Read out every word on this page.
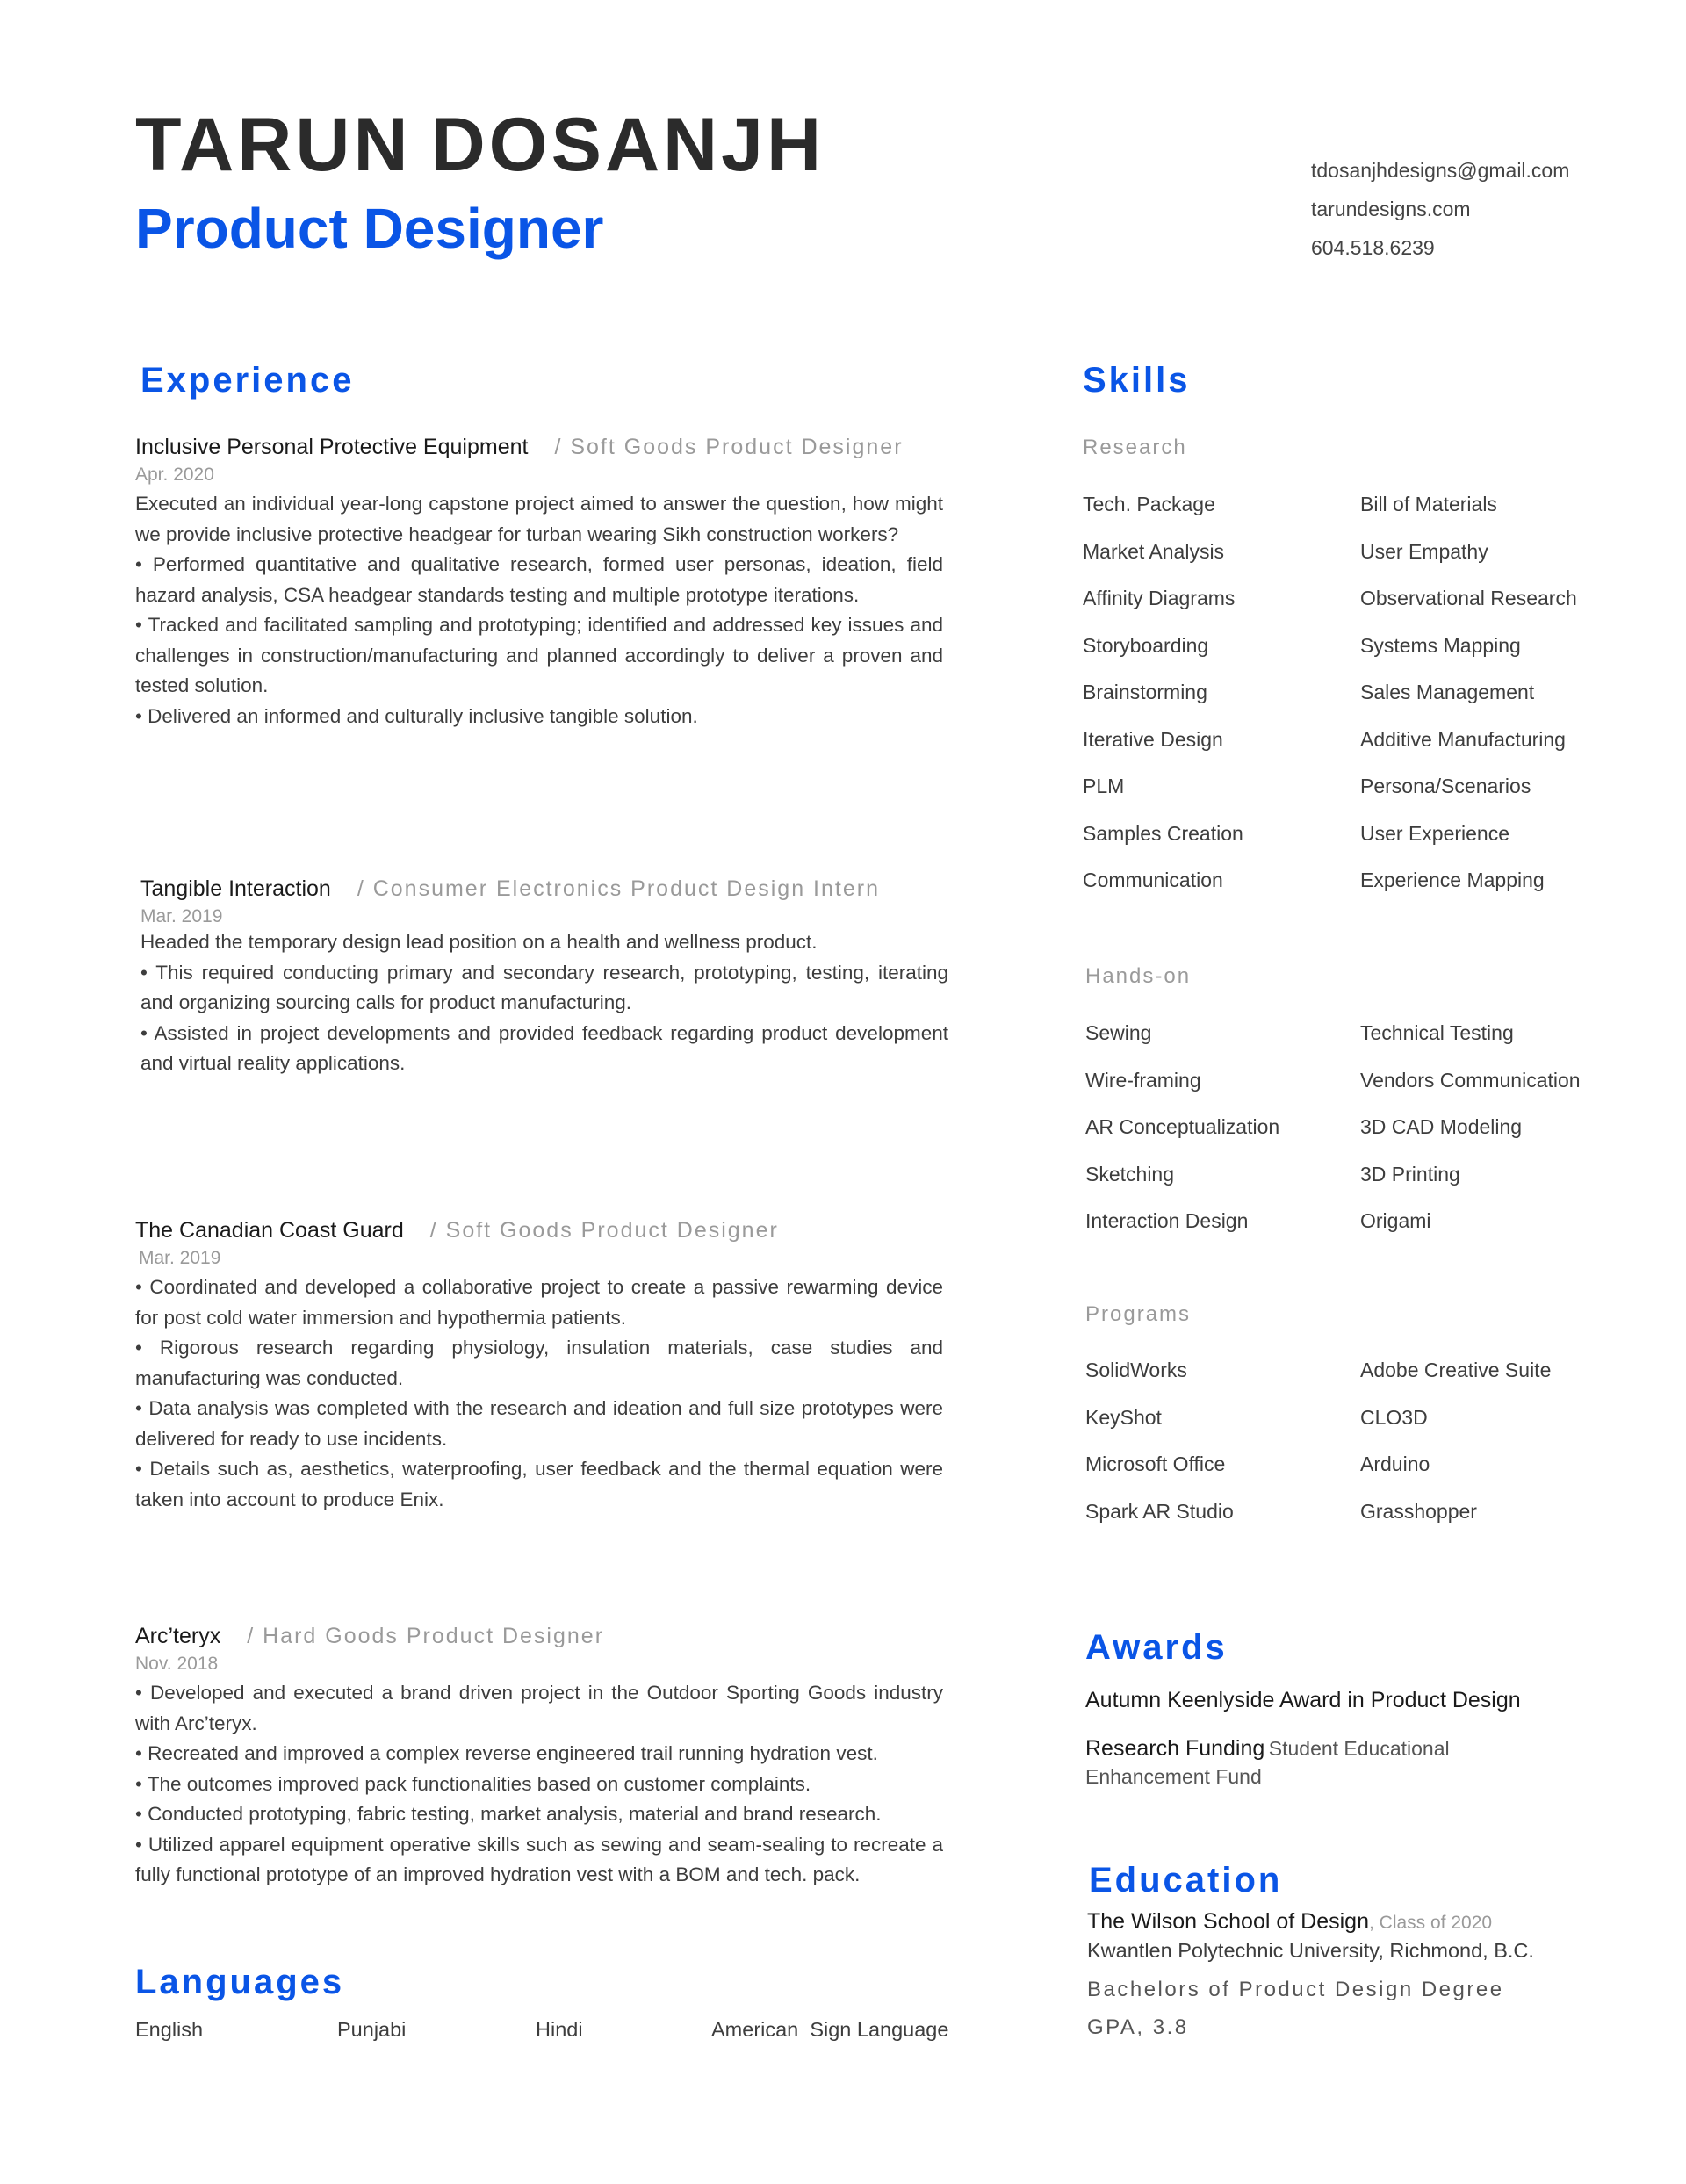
TARUN DOSANJH
Product Designer
tdosanjhdesigns@gmail.com
tarundesigns.com
604.518.6239
Experience
Inclusive Personal Protective Equipment / Soft Goods Product Designer
Apr. 2020
Executed an individual year-long capstone project aimed to answer the question, how might we provide inclusive protective headgear for turban wearing Sikh construction workers?
• Performed quantitative and qualitative research, formed user personas, ideation, field hazard analysis, CSA headgear standards testing and multiple prototype iterations.
• Tracked and facilitated sampling and prototyping; identified and addressed key issues and challenges in construction/manufacturing and planned accordingly to deliver a proven and tested solution.
• Delivered an informed and culturally inclusive tangible solution.
Tangible Interaction / Consumer Electronics Product Design Intern
Mar. 2019
Headed the temporary design lead position on a health and wellness product.
• This required conducting primary and secondary research, prototyping, testing, iterating and organizing sourcing calls for product manufacturing.
• Assisted in project developments and provided feedback regarding product development and virtual reality applications.
The Canadian Coast Guard / Soft Goods Product Designer
Mar. 2019
• Coordinated and developed a collaborative project to create a passive rewarming device for post cold water immersion and hypothermia patients.
• Rigorous research regarding physiology, insulation materials, case studies and manufacturing was conducted.
• Data analysis was completed with the research and ideation and full size prototypes were delivered for ready to use incidents.
• Details such as, aesthetics, waterproofing, user feedback and the thermal equation were taken into account to produce Enix.
Arc’teryx / Hard Goods Product Designer
Nov. 2018
• Developed and executed a brand driven project in the Outdoor Sporting Goods industry with Arc’teryx.
• Recreated and improved a complex reverse engineered trail running hydration vest.
• The outcomes improved pack functionalities based on customer complaints.
• Conducted prototyping, fabric testing, market analysis, material and brand research.
• Utilized apparel equipment operative skills such as sewing and seam-sealing to recreate a fully functional prototype of an improved hydration vest with a BOM and tech. pack.
Languages
English	Punjabi	Hindi	American  Sign Language
Skills
Research
Tech. Package	Bill of Materials
Market Analysis	User Empathy
Affinity Diagrams	Observational Research
Storyboarding	Systems Mapping
Brainstorming	Sales Management
Iterative Design	Additive Manufacturing
PLM	Persona/Scenarios
Samples Creation	User Experience
Communication	Experience Mapping
Hands-on
Sewing	Technical Testing
Wire-framing	Vendors Communication
AR Conceptualization	3D CAD Modeling
Sketching	3D Printing
Interaction Design	Origami
Programs
SolidWorks	Adobe Creative Suite
KeyShot	CLO3D
Microsoft Office	Arduino
Spark AR Studio	Grasshopper
Awards
Autumn Keenlyside Award in Product Design
Research Funding Student Educational Enhancement Fund
Education
The Wilson School of Design, Class of 2020
Kwantlen Polytechnic University, Richmond, B.C.
Bachelors of Product Design Degree
GPA, 3.8
